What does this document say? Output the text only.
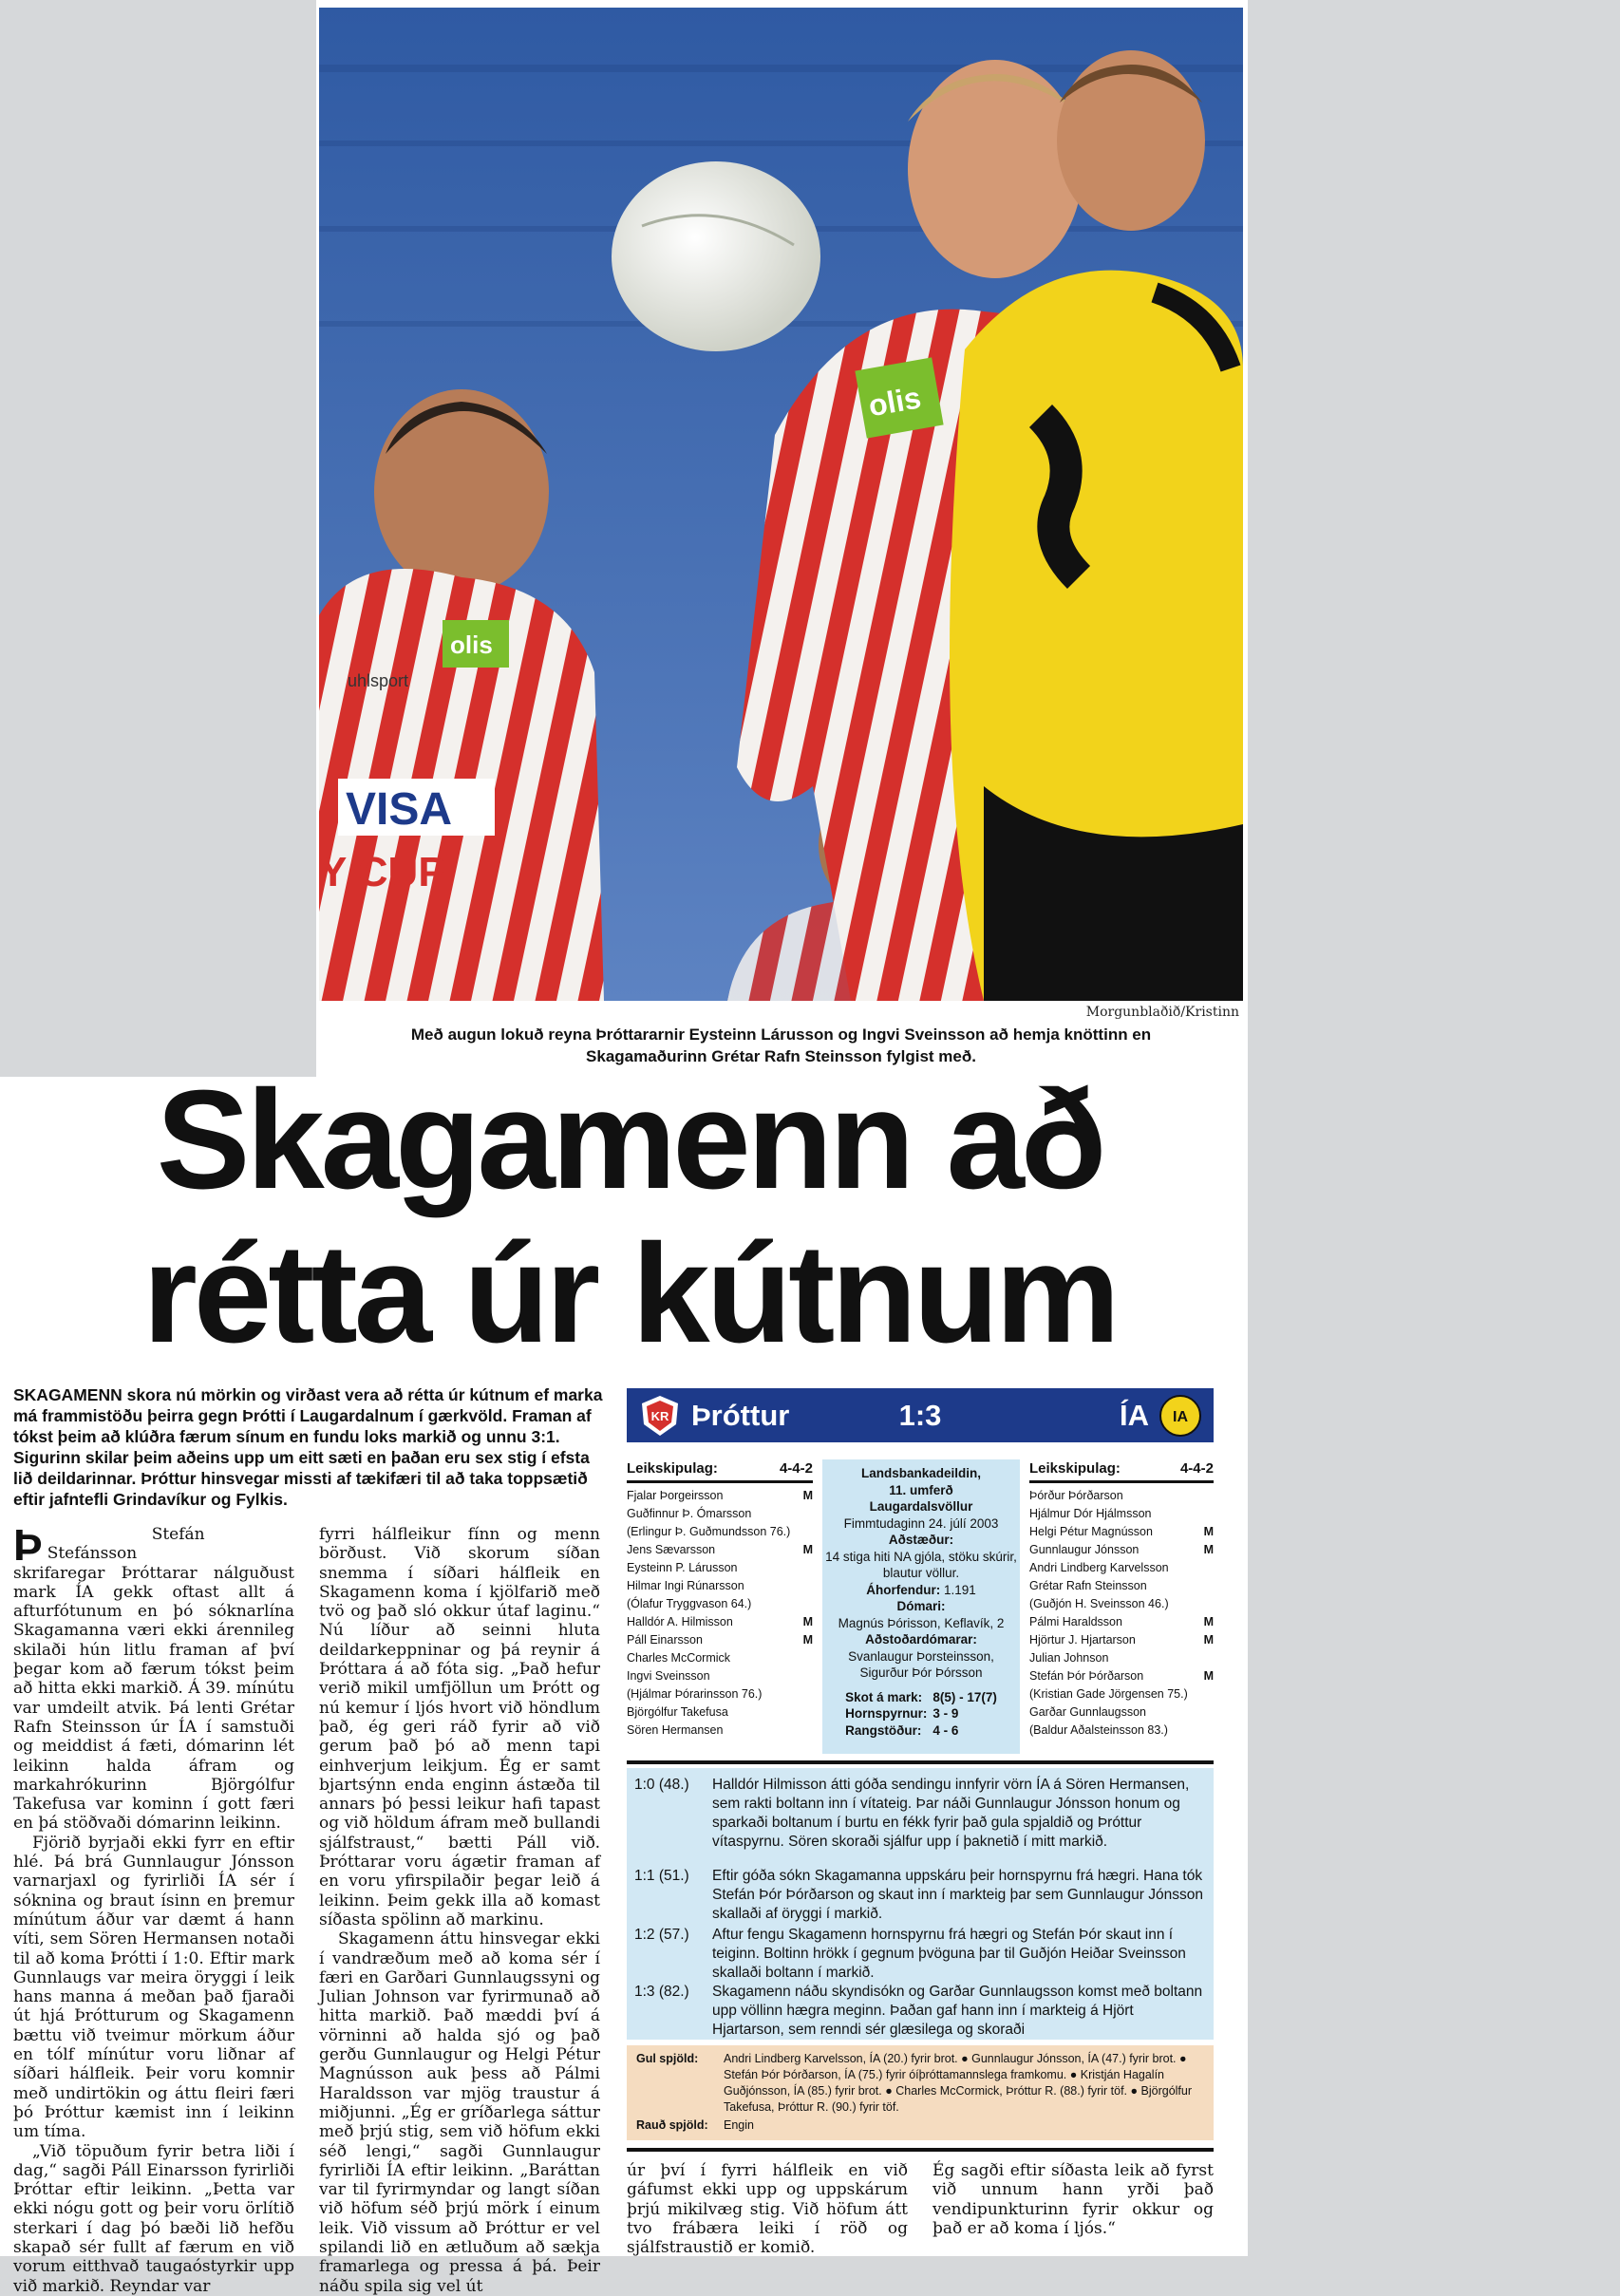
VISA
Y CUP
olis
uhlsport
olis
Morgunblaðið/Kristinn
Með augun lokuð reyna Þróttararnir Eysteinn Lárusson og Ingvi Sveinsson að hemja knöttinn en
Skagamaðurinn Grétar Rafn Steinsson fylgist með.
Skagamenn að
rétta úr kútnum
SKAGAMENN skora nú mörkin og virðast vera að rétta úr kútnum ef marka má frammistöðu þeirra gegn Þrótti í Laugardalnum í gærkvöld. Framan af tókst þeim að klúðra færum sínum en fundu loks markið og unnu 3:1. Sigurinn skilar þeim aðeins upp um eitt sæti en þaðan eru sex stig í efsta lið deildarinnar. Þróttur hinsvegar missti af tækifæri til að taka toppsætið eftir jafntefli Grindavíkur og Fylkis.

Þ	Stefán Stefánsson
skrifaregar Þróttarar nálguðust mark ÍA gekk oftast allt á afturfótunum en þó sóknarlína Skagamanna væri ekki árennileg skilaði hún litlu framan af því þegar kom að færum tókst þeim að hitta ekki markið. Á 39. mínútu var umdeilt atvik. Þá lenti Grétar Rafn Steinsson úr ÍA í samstuði og meiddist á fæti, dómarinn lét leikinn halda áfram og markahrókurinn Björgólfur Takefusa var kominn í gott færi en þá stöðvaði dómarinn leikinn.

Fjörið byrjaði ekki fyrr en eftir hlé. Þá brá Gunnlaugur Jónsson varnarjaxl og fyrirliði ÍA sér í sóknina og braut ísinn en þremur mínútum áður var dæmt á hann víti, sem Sören Hermansen notaði til að koma Þrótti í 1:0. Eftir mark Gunnlaugs var meira öryggi í leik hans manna á meðan það fjaraði út hjá Þrótturum og Skagamenn bættu við tveimur mörkum áður en tólf mínútur voru liðnar af síðari hálfleik. Þeir voru komnir með undirtökin og áttu fleiri færi þó Þróttur kæmist inn í leikinn um tíma.

„Við töpuðum fyrir betra liði í dag,“ sagði Páll Einarsson fyrirliði Þróttar eftir leikinn. „Þetta var ekki nógu gott og þeir voru örlítið sterkari í dag þó bæði lið hefðu skapað sér fullt af færum en við vorum eitthvað taugaóstyrkir upp við markið. Reyndar var

fyrri hálfleikur fínn og menn börðust. Við skorum síðan snemma í síðari hálfleik en Skagamenn koma í kjölfarið með tvö og það sló okkur útaf laginu.“ Nú líður að seinni hluta deildarkeppninar og þá reynir á Þróttara á að fóta sig. „Það hefur verið mikil umfjöllun um Þrótt og nú kemur í ljós hvort við höndlum það, ég geri ráð fyrir að við gerum það þó að menn tapi einhverjum leikjum. Ég er samt bjartsýnn enda enginn ástæða til annars þó þessi leikur hafi tapast og við höldum áfram með bullandi sjálfstraust,“ bætti Páll við. Þróttarar voru ágætir framan af en voru yfirspilaðir þegar leið á leikinn. Þeim gekk illa að komast síðasta spölinn að markinu.

Skagamenn áttu hinsvegar ekki í vandræðum með að koma sér í færi en Garðari Gunnlaugssyni og Julian Johnson var fyrirmunað að hitta markið. Það mæddi því á vörninni að halda sjó og það gerðu Gunnlaugur og Helgi Pétur Magnússon auk þess að Pálmi Haraldsson var mjög traustur á miðjunni. „Ég er gríðarlega sáttur með þrjú stig, sem við höfum ekki séð lengi,“ sagði Gunnlaugur fyrirliði ÍA eftir leikinn. „Baráttan var til fyrirmyndar og langt síðan við höfum séð þrjú mörk í einum leik. Við vissum að Þróttur er vel spilandi lið en ætluðum að sækja framarlega og pressa á þá. Þeir náðu spila sig vel út

úr því í fyrri hálfleik en við gáfumst ekki upp og uppskárum þrjú mikilvæg stig. Við höfum átt tvo frábæra leiki í röð og sjálfstraustið er komið.

Ég sagði eftir síðasta leik að fyrst við unnum hann yrði það vendipunkturinn fyrir okkur og það er að koma í ljós.“

KR Þróttur	1:3	ÍA IA
Leikskipulag:	4-4-2
Fjalar Þorgeirsson	M
Guðfinnur Þ. Ómarsson
(Erlingur Þ. Guðmundsson 76.)
Jens Sævarsson	M
Eysteinn P. Lárusson
Hilmar Ingi Rúnarsson
(Ólafur Tryggvason 64.)
Halldór A. Hilmisson	M
Páll Einarsson	M
Charles McCormick
Ingvi Sveinsson
(Hjálmar Þórarinsson 76.)
Björgólfur Takefusa
Sören Hermansen
Landsbankadeildin,
11. umferð
Laugardalsvöllur
Fimmtudaginn 24. júlí 2003
Aðstæður:
14 stiga hiti NA gjóla, stöku skúrir, blautur völlur.
Áhorfendur: 1.191
Dómari:
Magnús Þórisson, Keflavík, 2
Aðstoðardómarar:
Svanlaugur Þorsteinsson,
Sigurður Þór Þórsson
Skot á mark:	8(5) - 17(7)
Hornspyrnur:	3 - 9
Rangstöður:	4 - 6
Leikskipulag:	4-4-2
Þórður Þórðarson
Hjálmur Dór Hjálmsson
Helgi Pétur Magnússon	M
Gunnlaugur Jónsson	M
Andri Lindberg Karvelsson
Grétar Rafn Steinsson
(Guðjón H. Sveinsson 46.)
Pálmi Haraldsson	M
Hjörtur J. Hjartarson	M
Julian Johnson
Stefán Þór Þórðarson	M
(Kristian Gade Jörgensen 75.)
Garðar Gunnlaugsson
(Baldur Aðalsteinsson 83.)
1:0 (48.)	Halldór Hilmisson átti góða sendingu innfyrir vörn ÍA á Sören Hermansen, sem rakti boltann inn í vítateig. Þar náði Gunnlaugur Jónsson honum og sparkaði boltanum í burtu en fékk fyrir það gula spjaldið og Þróttur vítaspyrnu. Sören skoraði sjálfur upp í þaknetið í mitt markið.
1:1 (51.)	Eftir góða sókn Skagamanna uppskáru þeir hornspyrnu frá hægri. Hana tók Stefán Þór Þórðarson og skaut inn í markteig þar sem Gunnlaugur Jónsson skallaði af öryggi í markið.
1:2 (57.)	Aftur fengu Skagamenn hornspyrnu frá hægri og Stefán Þór skaut inn í teiginn. Boltinn hrökk í gegnum þvöguna þar til Guðjón Heiðar Sveinsson skallaði boltann í markið.
1:3 (82.)	Skagamenn náðu skyndisókn og Garðar Gunnlaugsson komst með boltann upp völlinn hægra meginn. Þaðan gaf hann inn í markteig á Hjört Hjartarson, sem renndi sér glæsilega og skoraði
Gul spjöld: Andri Lindberg Karvelsson, ÍA (20.) fyrir brot. ● Gunnlaugur Jónsson, ÍA (47.) fyrir brot. ● Stefán Þór Þórðarson, ÍA (75.) fyrir óíþróttamannslega framkomu. ● Kristján Hagalín Guðjónsson, ÍA (85.) fyrir brot. ● Charles McCormick, Þróttur R. (88.) fyrir töf. ● Björgólfur Takefusa, Þróttur R. (90.) fyrir töf.
Rauð spjöld: Engin
